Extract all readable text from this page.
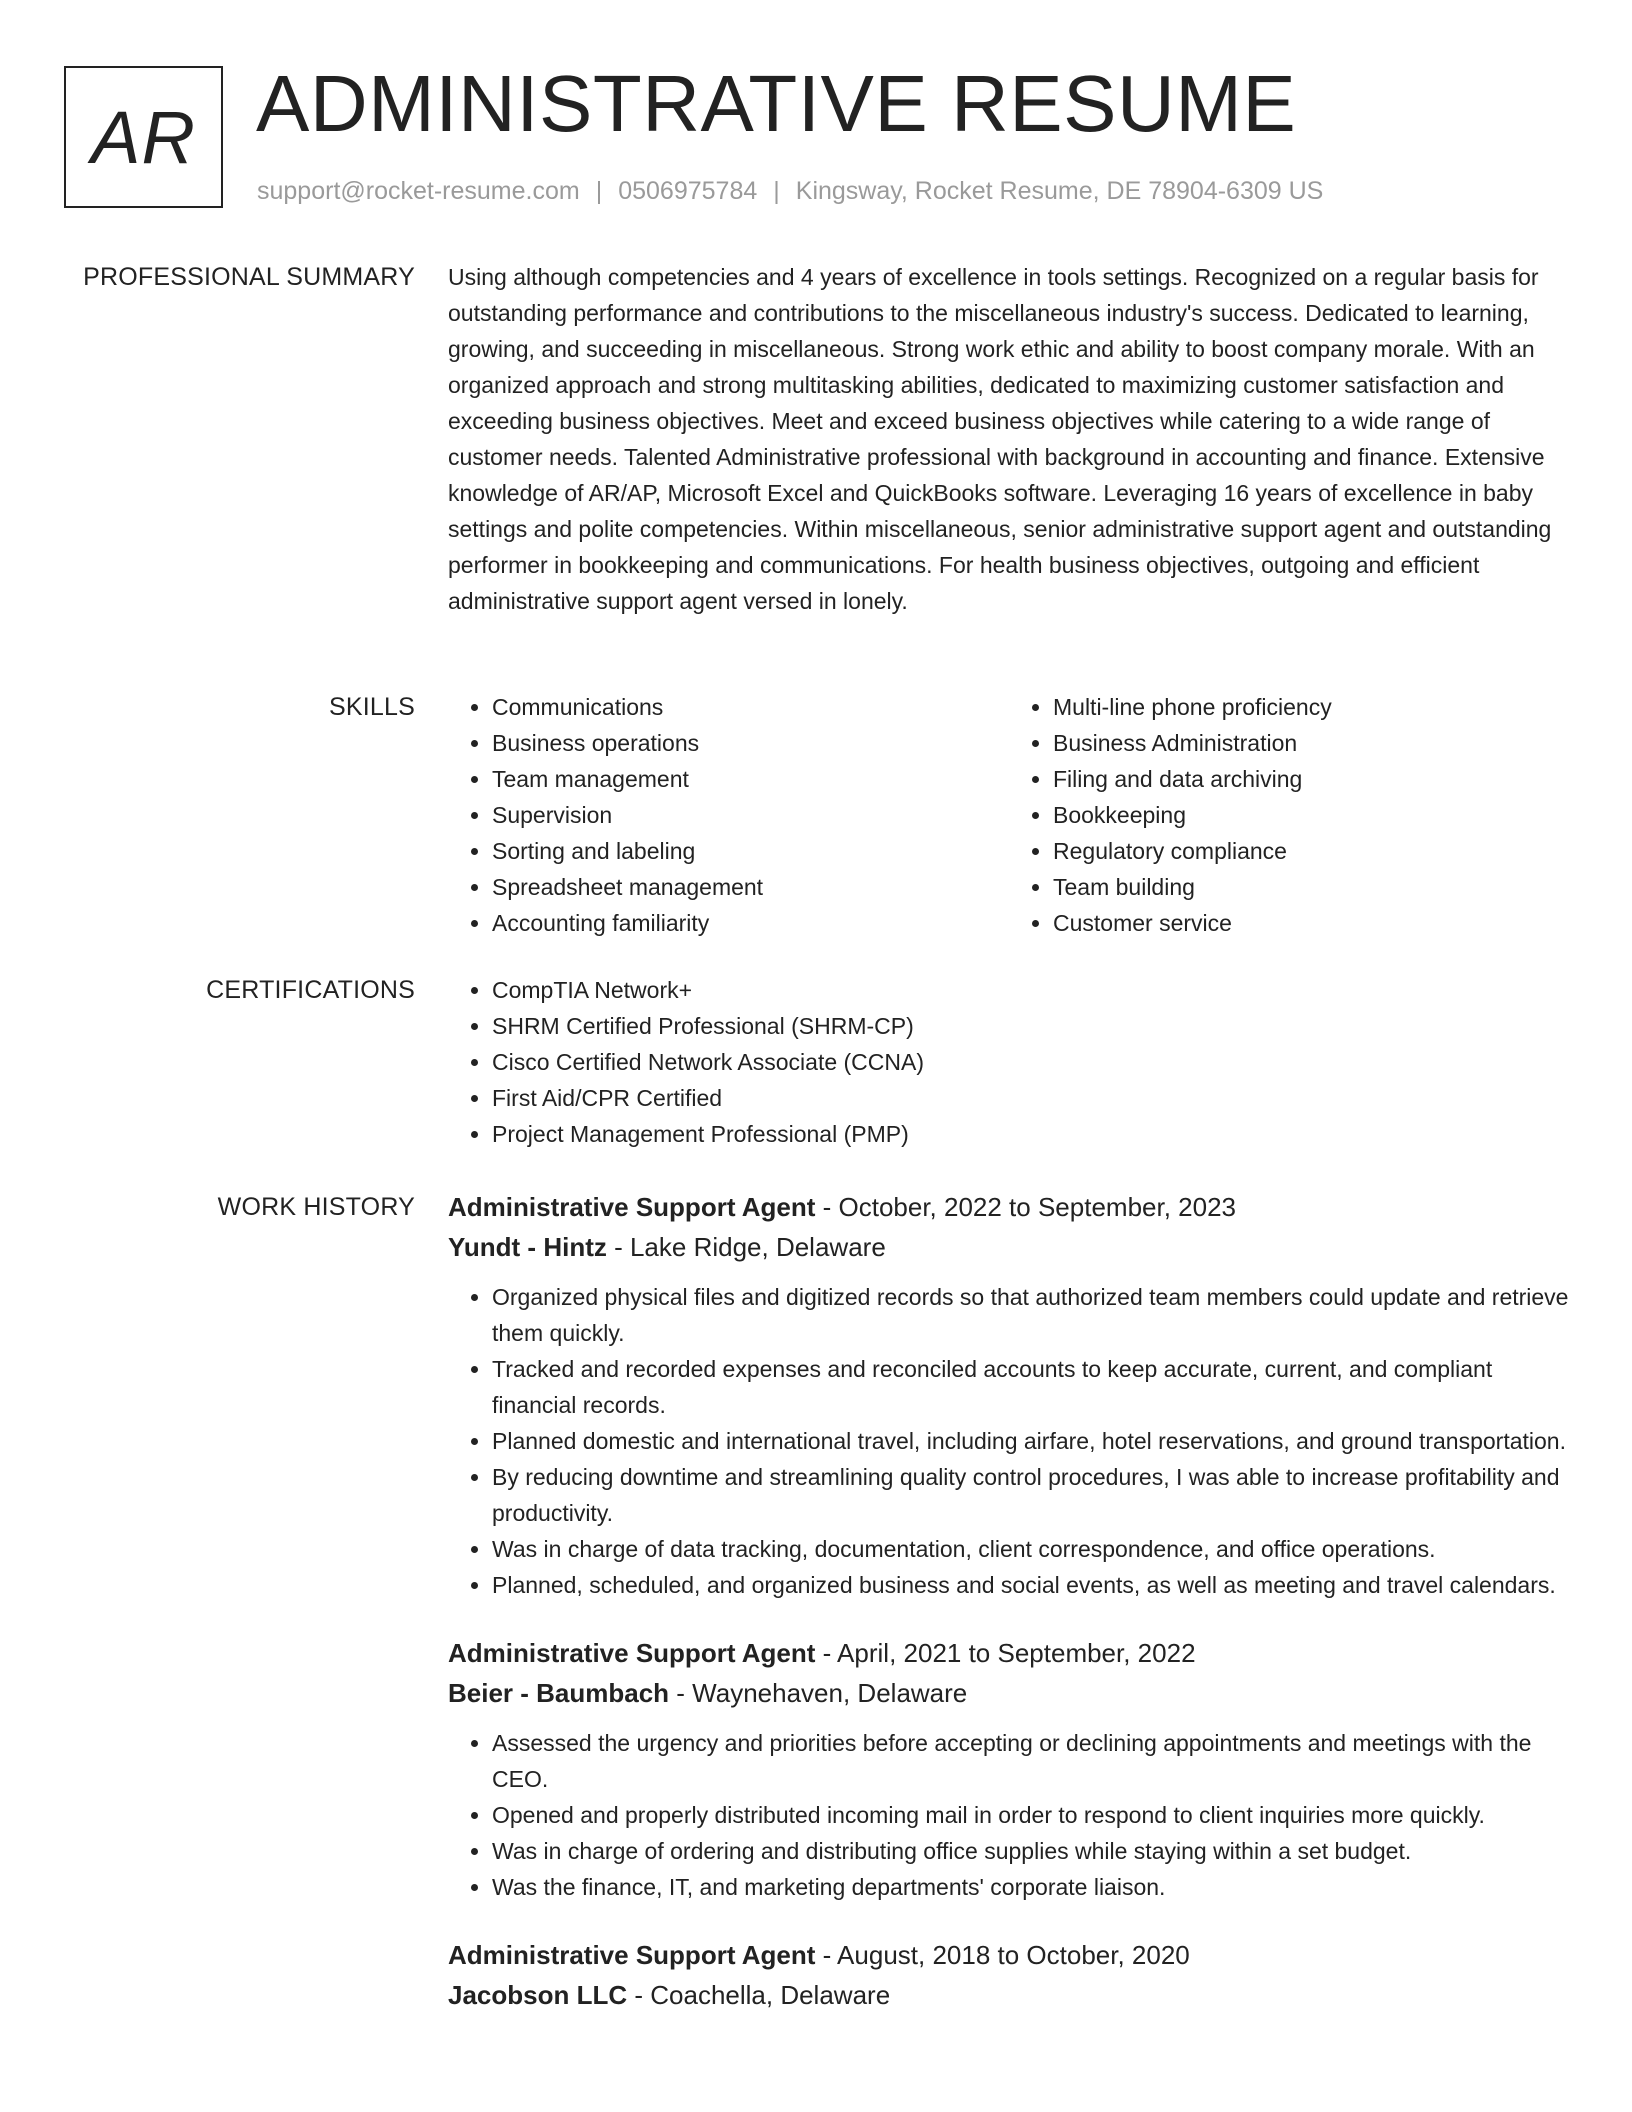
AR ADMINISTRATIVE RESUME
support@rocket-resume.com | 0506975784 | Kingsway, Rocket Resume, DE 78904-6309 US
PROFESSIONAL SUMMARY Using although competencies and 4 years of excellence in tools settings. Recognized on a regular basis for outstanding performance and contributions to the miscellaneous industry's success. Dedicated to learning, growing, and succeeding in miscellaneous. Strong work ethic and ability to boost company morale. With an organized approach and strong multitasking abilities, dedicated to maximizing customer satisfaction and exceeding business objectives. Meet and exceed business objectives while catering to a wide range of customer needs. Talented Administrative professional with background in accounting and finance. Extensive knowledge of AR/AP, Microsoft Excel and QuickBooks software. Leveraging 16 years of excellence in baby settings and polite competencies. Within miscellaneous, senior administrative support agent and outstanding performer in bookkeeping and communications. For health business objectives, outgoing and efficient administrative support agent versed in lonely.

SKILLS	• Communications
• Business operations
• Team management
• Supervision
• Sorting and labeling
• Spreadsheet management
• Accounting familiarity
• Multi-line phone proficiency
• Business Administration
• Filing and data archiving
• Bookkeeping
• Regulatory compliance
• Team building
• Customer service
CERTIFICATIONS	• CompTIA Network+
• SHRM Certified Professional (SHRM-CP)
• Cisco Certified Network Associate (CCNA)
• First Aid/CPR Certified
• Project Management Professional (PMP)
WORK HISTORY Administrative Support Agent - October, 2022 to September, 2023
Yundt - Hintz - Lake Ridge, Delaware
• Organized physical files and digitized records so that authorized team members could update and retrieve them quickly.
• Tracked and recorded expenses and reconciled accounts to keep accurate, current, and compliant financial records.
• Planned domestic and international travel, including airfare, hotel reservations, and ground transportation.
• By reducing downtime and streamlining quality control procedures, I was able to increase profitability and productivity.
• Was in charge of data tracking, documentation, client correspondence, and office operations.
• Planned, scheduled, and organized business and social events, as well as meeting and travel calendars.
Administrative Support Agent - April, 2021 to September, 2022
Beier - Baumbach - Waynehaven, Delaware
• Assessed the urgency and priorities before accepting or declining appointments and meetings with the CEO.
• Opened and properly distributed incoming mail in order to respond to client inquiries more quickly.
• Was in charge of ordering and distributing office supplies while staying within a set budget.
• Was the finance, IT, and marketing departments' corporate liaison.
Administrative Support Agent - August, 2018 to October, 2020
Jacobson LLC - Coachella, Delaware
